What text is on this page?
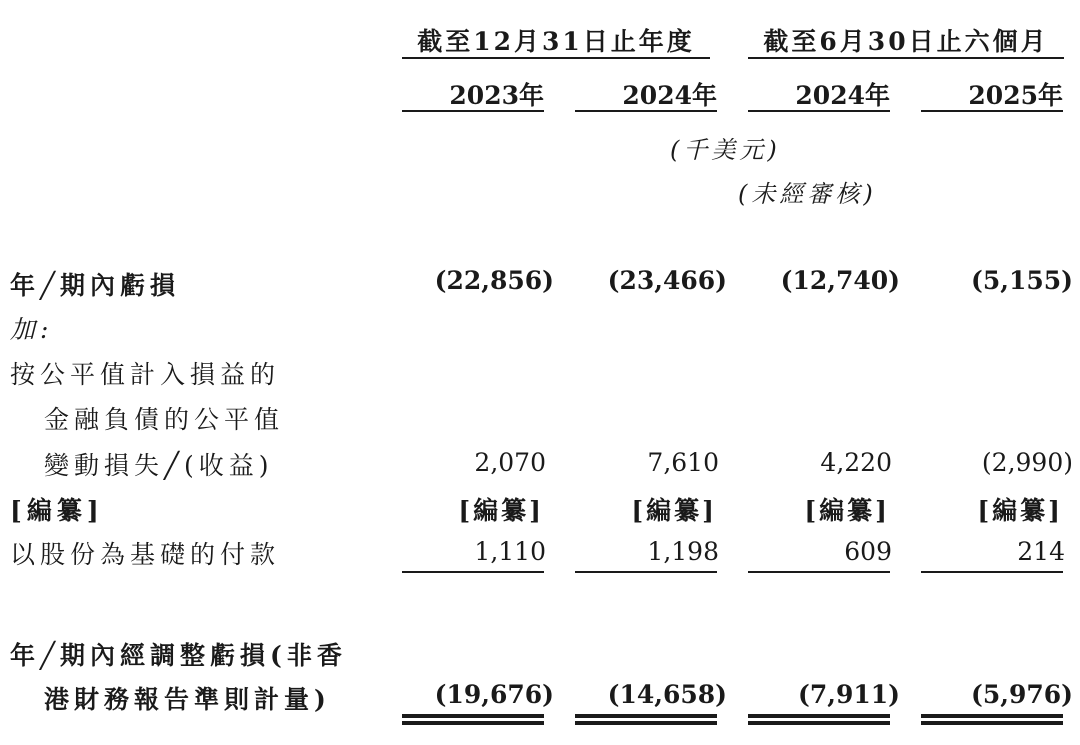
截至12月31日止年度	截至6月30日止六個月
2023年	2024年	2024年	2025年
(千美元)
(未經審核)
年╱期內虧損	(22,856)	(23,466)	(12,740)	(5,155)
加:
按公平值計入損益的
金融負債的公平值
變動損失╱(收益)	2,070	7,610	4,220	(2,990)
[編纂]	[編纂]	[編纂]	[編纂]	[編纂]
以股份為基礎的付款	1,110	1,198	609	214
年╱期內經調整虧損(非香
港財務報告準則計量)	(19,676)	(14,658)	(7,911)	(5,976)
